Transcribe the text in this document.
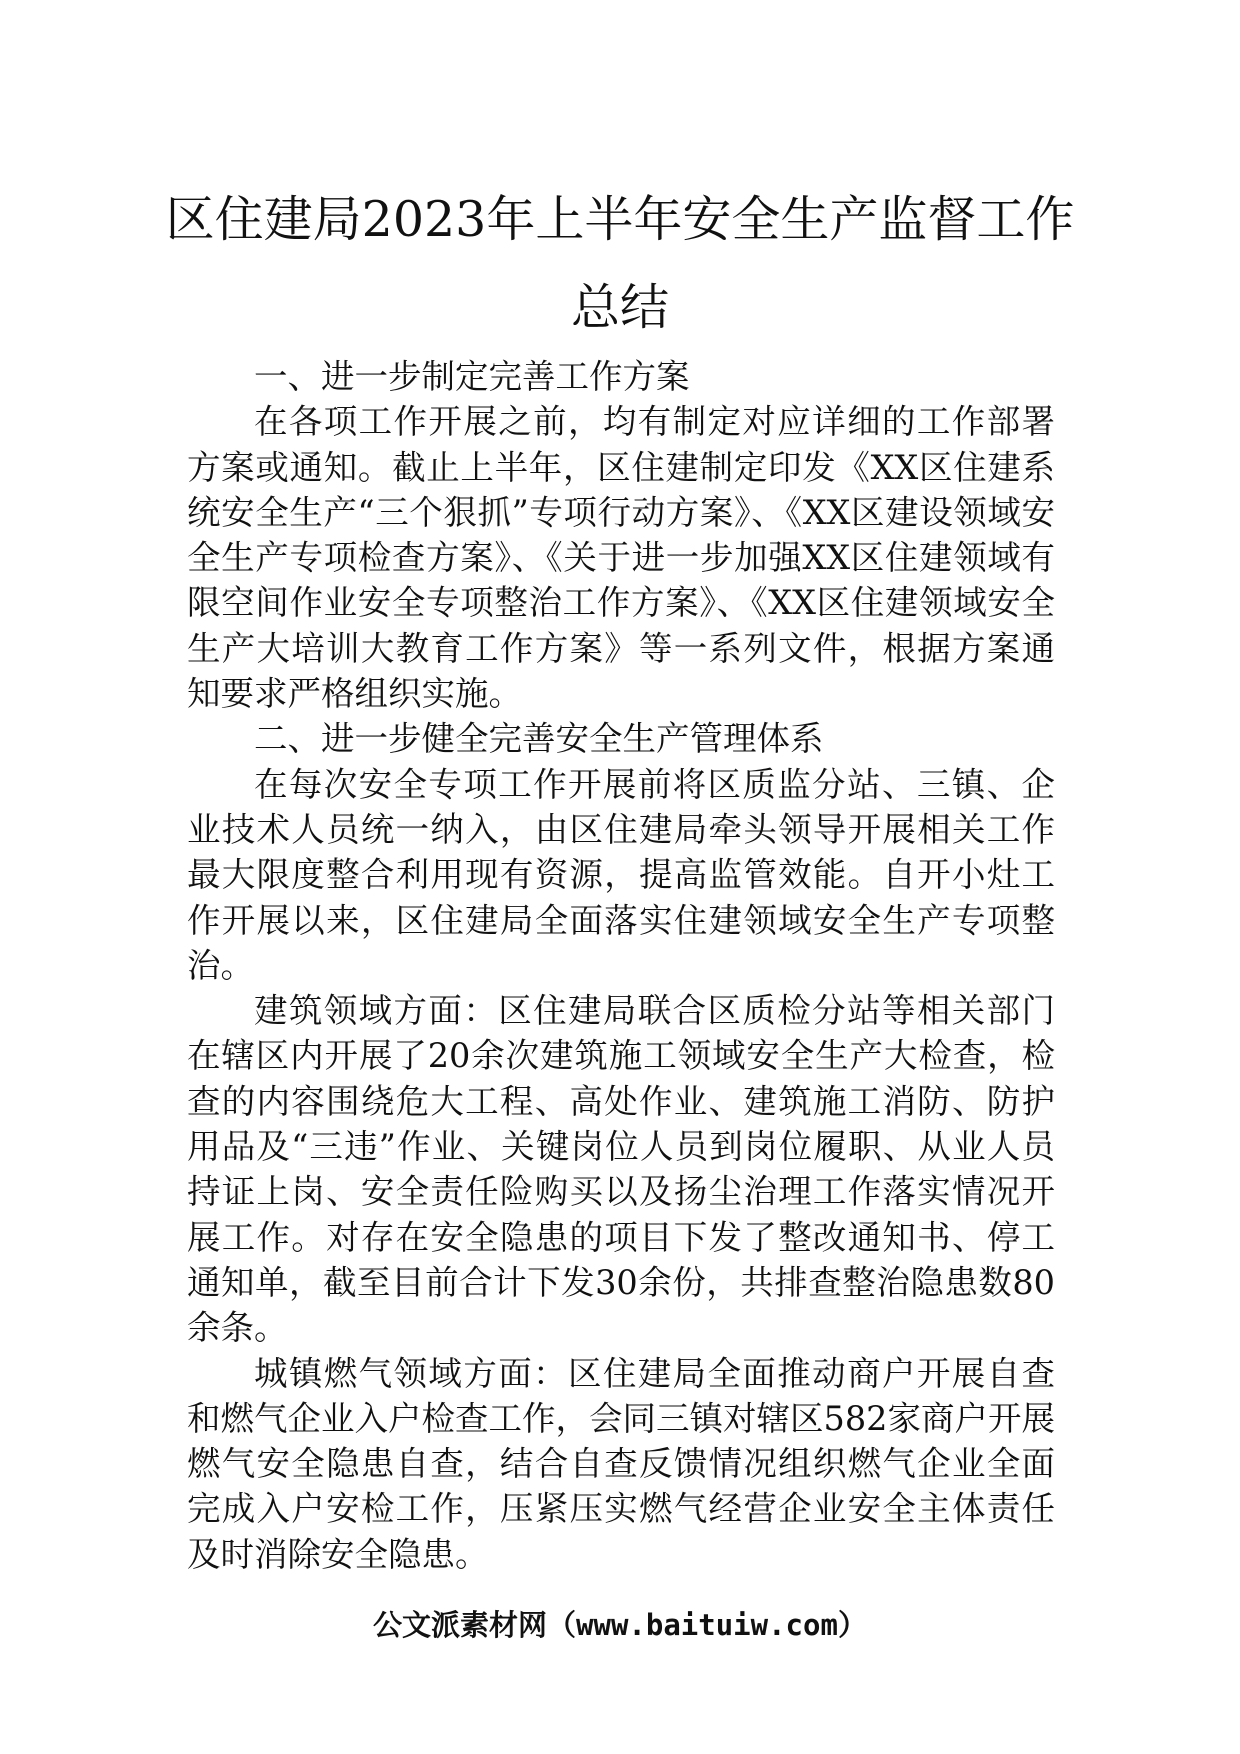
区住建局2023年上半年安全生产监督工作
总结

一、进一步制定完善工作方案

在各项工作开展之前，均有制定对应详细的工作部署方案或通知。截止上半年，区住建制定印发《XX区住建系统安全生产“三个狠抓”专项行动方案》、《XX区建设领域安全生产专项检查方案》、《关于进一步加强XX区住建领域有限空间作业安全专项整治工作方案》、《XX区住建领域安全生产大培训大教育工作方案》等一系列文件，根据方案通知要求严格组织实施。

二、进一步健全完善安全生产管理体系

在每次安全专项工作开展前将区质监分站、三镇、企业技术人员统一纳入，由区住建局牵头领导开展相关工作最大限度整合利用现有资源，提高监管效能。自开小灶工作开展以来，区住建局全面落实住建领域安全生产专项整治。

建筑领域方面：区住建局联合区质检分站等相关部门在辖区内开展了20余次建筑施工领域安全生产大检查，检查的内容围绕危大工程、高处作业、建筑施工消防、防护用品及“三违”作业、关键岗位人员到岗位履职、从业人员持证上岗、安全责任险购买以及扬尘治理工作落实情况开展工作。对存在安全隐患的项目下发了整改通知书、停工通知单，截至目前合计下发30余份，共排查整治隐患数80余条。

城镇燃气领域方面：区住建局全面推动商户开展自查和燃气企业入户检查工作，会同三镇对辖区582家商户开展燃气安全隐患自查，结合自查反馈情况组织燃气企业全面完成入户安检工作，压紧压实燃气经营企业安全主体责任及时消除安全隐患。

公文派素材网（www.baituiw.com）
